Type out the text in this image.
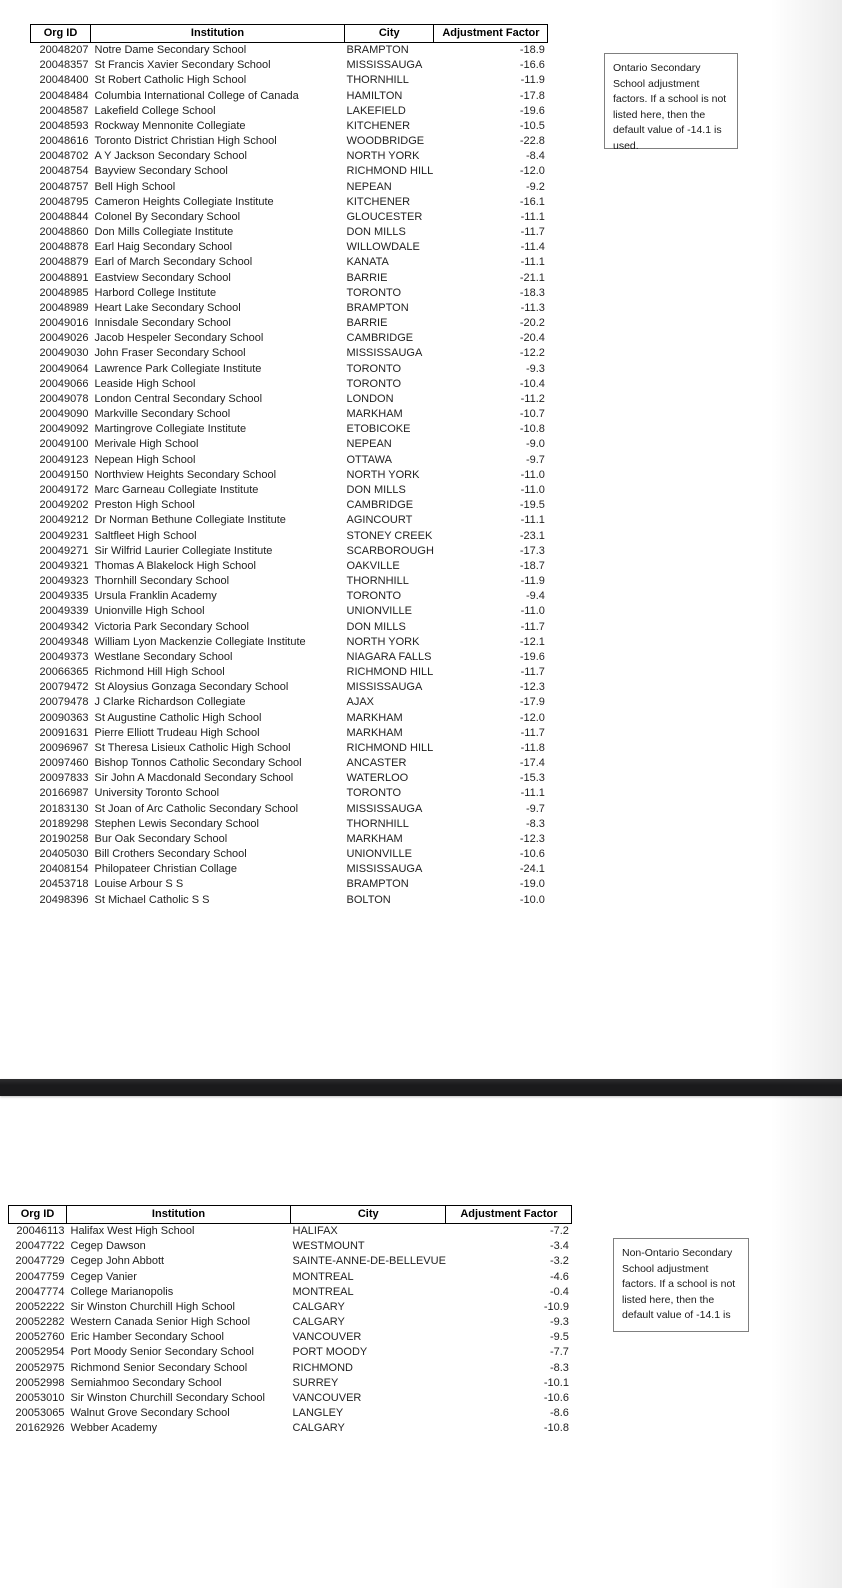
Org ID	Institution	City	Adjustment Factor
20048207	Notre Dame Secondary School	BRAMPTON	-18.9
20048357	St Francis Xavier Secondary School	MISSISSAUGA	-16.6
20048400	St Robert Catholic High School	THORNHILL	-11.9
20048484	Columbia International College of Canada	HAMILTON	-17.8
20048587	Lakefield College School	LAKEFIELD	-19.6
20048593	Rockway Mennonite Collegiate	KITCHENER	-10.5
20048616	Toronto District Christian High School	WOODBRIDGE	-22.8
20048702	A Y Jackson Secondary School	NORTH YORK	-8.4
20048754	Bayview Secondary School	RICHMOND HILL	-12.0
20048757	Bell High School	NEPEAN	-9.2
20048795	Cameron Heights Collegiate Institute	KITCHENER	-16.1
20048844	Colonel By Secondary School	GLOUCESTER	-11.1
20048860	Don Mills Collegiate Institute	DON MILLS	-11.7
20048878	Earl Haig Secondary School	WILLOWDALE	-11.4
20048879	Earl of March Secondary School	KANATA	-11.1
20048891	Eastview Secondary School	BARRIE	-21.1
20048985	Harbord College Institute	TORONTO	-18.3
20048989	Heart Lake Secondary School	BRAMPTON	-11.3
20049016	Innisdale Secondary School	BARRIE	-20.2
20049026	Jacob Hespeler Secondary School	CAMBRIDGE	-20.4
20049030	John Fraser Secondary School	MISSISSAUGA	-12.2
20049064	Lawrence Park Collegiate Institute	TORONTO	-9.3
20049066	Leaside High School	TORONTO	-10.4
20049078	London Central Secondary School	LONDON	-11.2
20049090	Markville Secondary School	MARKHAM	-10.7
20049092	Martingrove Collegiate Institute	ETOBICOKE	-10.8
20049100	Merivale High School	NEPEAN	-9.0
20049123	Nepean High School	OTTAWA	-9.7
20049150	Northview Heights Secondary School	NORTH YORK	-11.0
20049172	Marc Garneau Collegiate Institute	DON MILLS	-11.0
20049202	Preston High School	CAMBRIDGE	-19.5
20049212	Dr Norman Bethune Collegiate Institute	AGINCOURT	-11.1
20049231	Saltfleet High School	STONEY CREEK	-23.1
20049271	Sir Wilfrid Laurier Collegiate Institute	SCARBOROUGH	-17.3
20049321	Thomas A Blakelock High School	OAKVILLE	-18.7
20049323	Thornhill Secondary School	THORNHILL	-11.9
20049335	Ursula Franklin Academy	TORONTO	-9.4
20049339	Unionville High School	UNIONVILLE	-11.0
20049342	Victoria Park Secondary School	DON MILLS	-11.7
20049348	William Lyon Mackenzie Collegiate Institute	NORTH YORK	-12.1
20049373	Westlane Secondary School	NIAGARA FALLS	-19.6
20066365	Richmond Hill High School	RICHMOND HILL	-11.7
20079472	St Aloysius Gonzaga Secondary School	MISSISSAUGA	-12.3
20079478	J Clarke Richardson Collegiate	AJAX	-17.9
20090363	St Augustine Catholic High School	MARKHAM	-12.0
20091631	Pierre Elliott Trudeau High School	MARKHAM	-11.7
20096967	St Theresa Lisieux Catholic High School	RICHMOND HILL	-11.8
20097460	Bishop Tonnos Catholic Secondary School	ANCASTER	-17.4
20097833	Sir John A Macdonald Secondary School	WATERLOO	-15.3
20166987	University Toronto School	TORONTO	-11.1
20183130	St Joan of Arc Catholic Secondary School	MISSISSAUGA	-9.7
20189298	Stephen Lewis Secondary School	THORNHILL	-8.3
20190258	Bur Oak Secondary School	MARKHAM	-12.3
20405030	Bill Crothers Secondary School	UNIONVILLE	-10.6
20408154	Philopateer Christian Collage	MISSISSAUGA	-24.1
20453718	Louise Arbour S S	BRAMPTON	-19.0
20498396	St Michael Catholic S S	BOLTON	-10.0
Ontario Secondary School adjustment factors. If a school is not listed here, then the default value of -14.1 is used.
Org ID	Institution	City	Adjustment Factor
20046113	Halifax West High School	HALIFAX	-7.2
20047722	Cegep Dawson	WESTMOUNT	-3.4
20047729	Cegep John Abbott	SAINTE-ANNE-DE-BELLEVUE	-3.2
20047759	Cegep Vanier	MONTREAL	-4.6
20047774	College Marianopolis	MONTREAL	-0.4
20052222	Sir Winston Churchill High School	CALGARY	-10.9
20052282	Western Canada Senior High School	CALGARY	-9.3
20052760	Eric Hamber Secondary School	VANCOUVER	-9.5
20052954	Port Moody Senior Secondary School	PORT MOODY	-7.7
20052975	Richmond Senior Secondary School	RICHMOND	-8.3
20052998	Semiahmoo Secondary School	SURREY	-10.1
20053010	Sir Winston Churchill Secondary School	VANCOUVER	-10.6
20053065	Walnut Grove Secondary School	LANGLEY	-8.6
20162926	Webber Academy	CALGARY	-10.8
Non-Ontario Secondary School adjustment factors. If a school is not listed here, then the default value of -14.1 is
